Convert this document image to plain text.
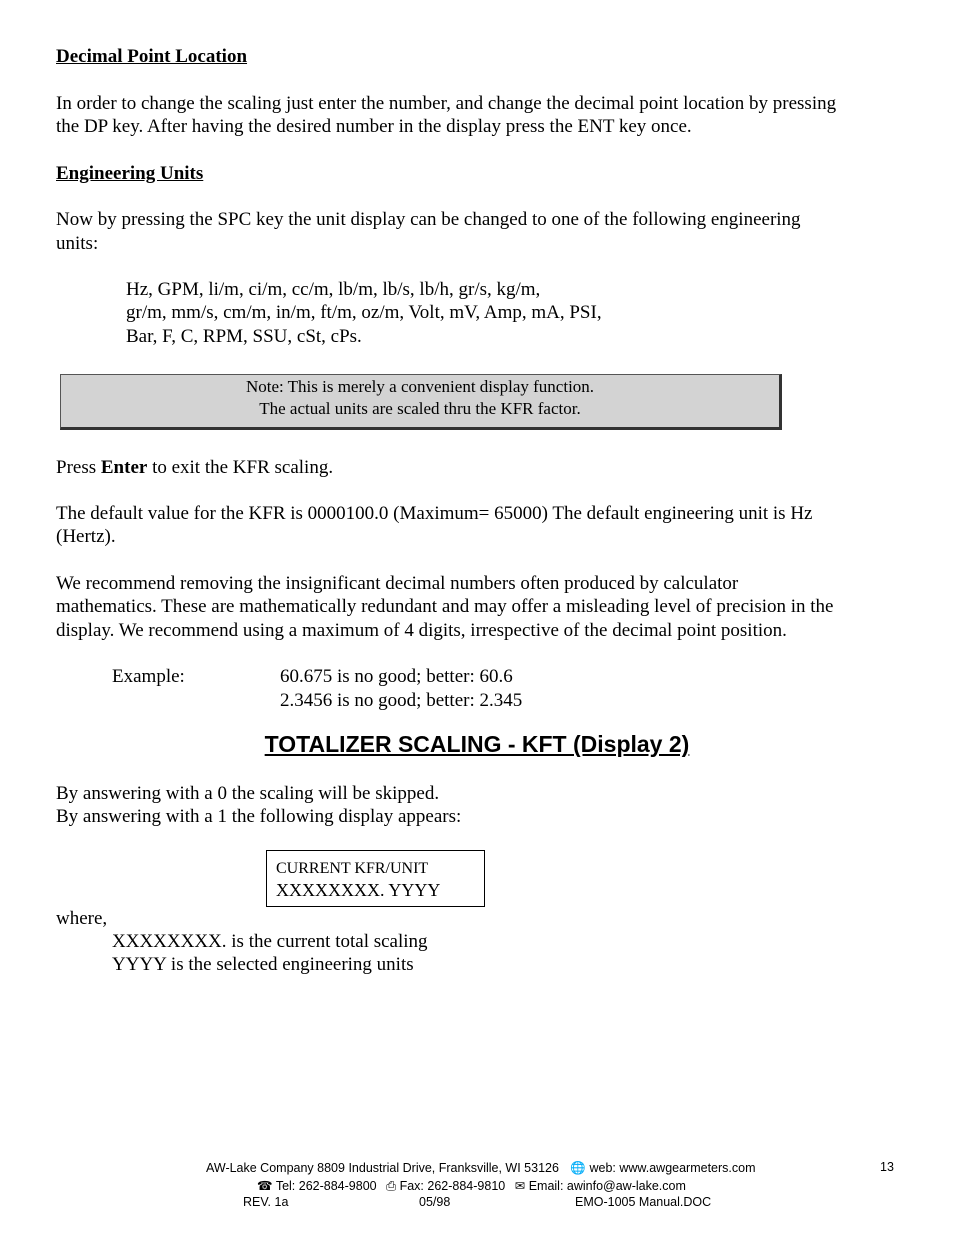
Decimal Point Location
In order to change the scaling just enter the number, and change the decimal point location by pressing
the DP key. After having the desired number in the display press the ENT key once.
Engineering Units
Now by pressing the SPC key the unit display can be changed to one of the following engineering
units:
Hz, GPM, li/m, ci/m, cc/m, lb/m, lb/s, lb/h, gr/s, kg/m,
gr/m, mm/s, cm/m, in/m, ft/m, oz/m, Volt, mV, Amp, mA, PSI,
Bar, F, C, RPM, SSU, cSt, cPs.
Note: This is merely a convenient display function.
The actual units are scaled thru the KFR factor.
Press Enter to exit the KFR scaling.
The default value for the KFR is 0000100.0 (Maximum= 65000) The default engineering unit is Hz
(Hertz).
We recommend removing the insignificant decimal numbers often produced by calculator
mathematics. These are mathematically redundant and may offer a misleading level of precision in the
display. We recommend using a maximum of 4 digits, irrespective of the decimal point position.
Example:	60.675 is no good; better: 60.6
2.3456 is no good; better: 2.345
TOTALIZER SCALING - KFT (Display 2)
By answering with a 0 the scaling will be skipped.
By answering with a 1 the following display appears:
CURRENT KFR/UNIT
XXXXXXXX. YYYY
where,
XXXXXXXX. is the current total scaling
YYYY is the selected engineering units
AW-Lake Company 8809 Industrial Drive, Franksville, WI 53126 🌐 web: www.awgearmeters.com	13
☎ Tel: 262-884-9800 ⎙ Fax: 262-884-9810 ✉ Email: awinfo@aw-lake.com
REV. 1a	05/98	EMO-1005 Manual.DOC
